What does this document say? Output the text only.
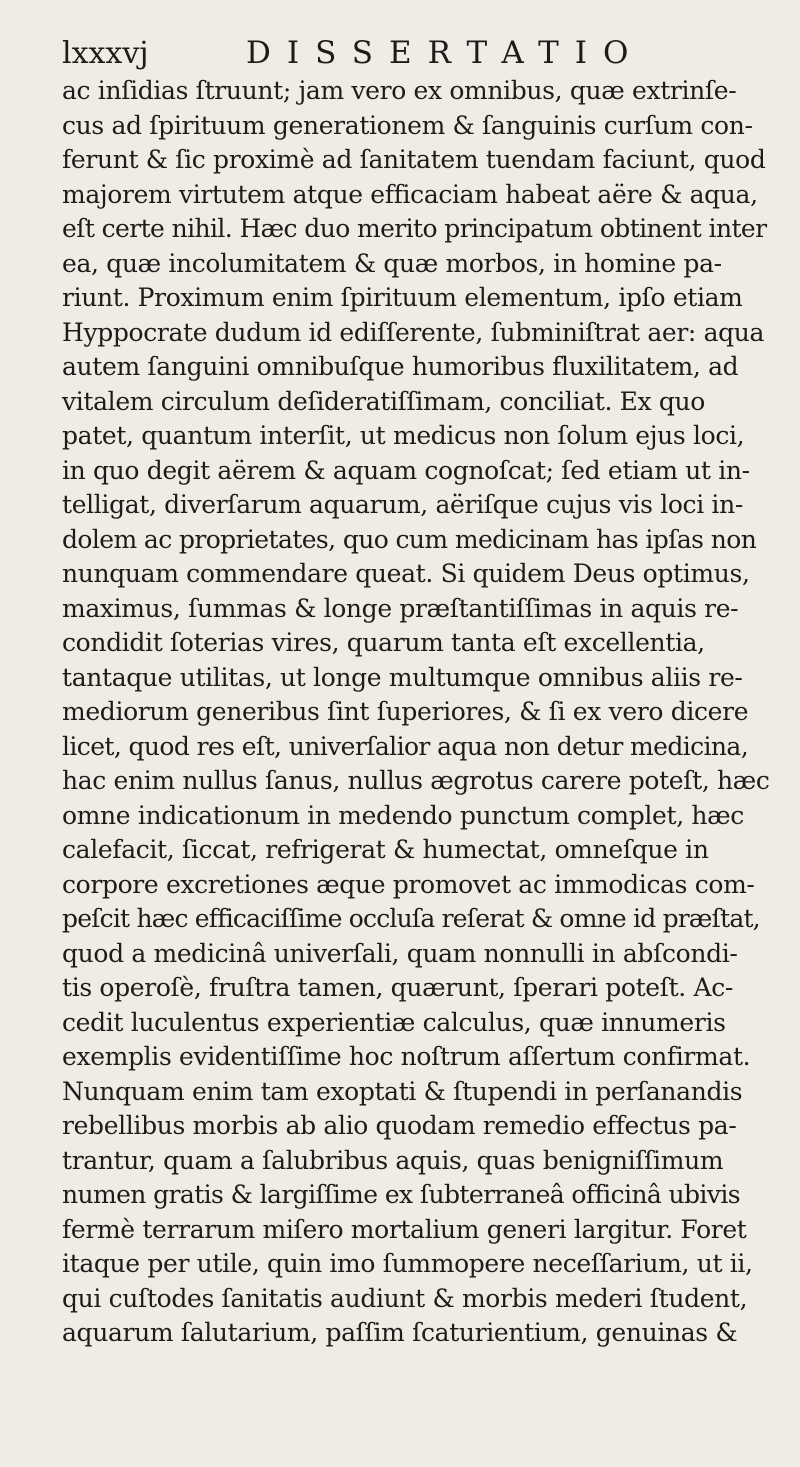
lxxxvj	DISSERTATIO
ac inſidias ſtruunt; jam vero ex omnibus, quæ extrinſe-
cus ad ſpirituum generationem & ſanguinis curſum con-
ferunt & ſic proximè ad ſanitatem tuendam faciunt, quod
majorem virtutem atque efficaciam habeat aëre & aqua,
eſt certe nihil. Hæc duo merito principatum obtinent inter
ea, quæ incolumitatem & quæ morbos, in homine pa-
riunt. Proximum enim ſpirituum elementum, ipſo etiam
Hyppocrate dudum id ediſſerente, ſubminiſtrat aer: aqua
autem ſanguini omnibuſque humoribus fluxilitatem, ad
vitalem circulum deſideratiſſimam, conciliat. Ex quo
patet, quantum interſit, ut medicus non ſolum ejus loci,
in quo degit aërem & aquam cognoſcat; ſed etiam ut in-
telligat, diverſarum aquarum, aëriſque cujus vis loci in-
dolem ac proprietates, quo cum medicinam has ipſas non
nunquam commendare queat. Si quidem Deus optimus,
maximus, ſummas & longe præſtantiſſimas in aquis re-
condidit ſoterias vires, quarum tanta eſt excellentia,
tantaque utilitas, ut longe multumque omnibus aliis re-
mediorum generibus ſint ſuperiores, & ſi ex vero dicere
licet, quod res eſt, univerſalior aqua non detur medicina,
hac enim nullus ſanus, nullus ægrotus carere poteſt, hæc
omne indicationum in medendo punctum complet, hæc
calefacit, ſiccat, refrigerat & humectat, omneſque in
corpore excretiones æque promovet ac immodicas com-
peſcit hæc efficaciſſime occluſa reſerat & omne id præſtat,
quod a medicinâ univerſali, quam nonnulli in abſcondi-
tis operoſè, fruſtra tamen, quærunt, ſperari poteſt. Ac-
cedit luculentus experientiæ calculus, quæ innumeris
exemplis evidentiſſime hoc noſtrum aſſertum confirmat.
Nunquam enim tam exoptati & ſtupendi in perſanandis
rebellibus morbis ab alio quodam remedio effectus pa-
trantur, quam a ſalubribus aquis, quas benigniſſimum
numen gratis & largiſſime ex ſubterraneâ officinâ ubivis
fermè terrarum miſero mortalium generi largitur. Foret
itaque per utile, quin imo ſummopere neceſſarium, ut ii,
qui cuſtodes ſanitatis audiunt & morbis mederi ſtudent,
aquarum ſalutarium, paſſim ſcaturientium, genuinas &
